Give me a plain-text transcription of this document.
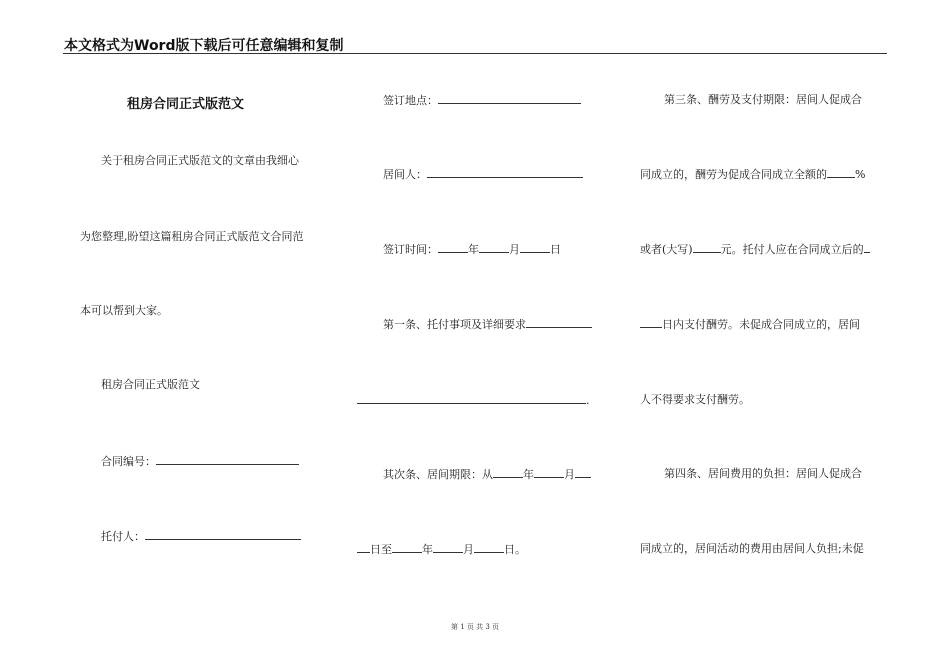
本文格式为Word版下载后可任意编辑和复制
租房合同正式版范文
关于租房合同正式版范文的文章由我细心
为您整理,盼望这篇租房合同正式版范文合同范
本可以帮到大家。
租房合同正式版范文
合同编号：
托付人：
签订地点：
居间人：
签订时间：	年	月	日
第一条、托付事项及详细要求
.
其次条、居间期限：从	年	月
日至	年	月	日。
第三条、酬劳及支付期限：居间人促成合
同成立的，酬劳为促成合同成立全额的	%
或者(大写)	元。托付人应在合同成立后的
日内支付酬劳。未促成合同成立的，居间
人不得要求支付酬劳。
第四条、居间费用的负担：居间人促成合
同成立的，居间活动的费用由居间人负担;未促
第 1 页 共 3 页
